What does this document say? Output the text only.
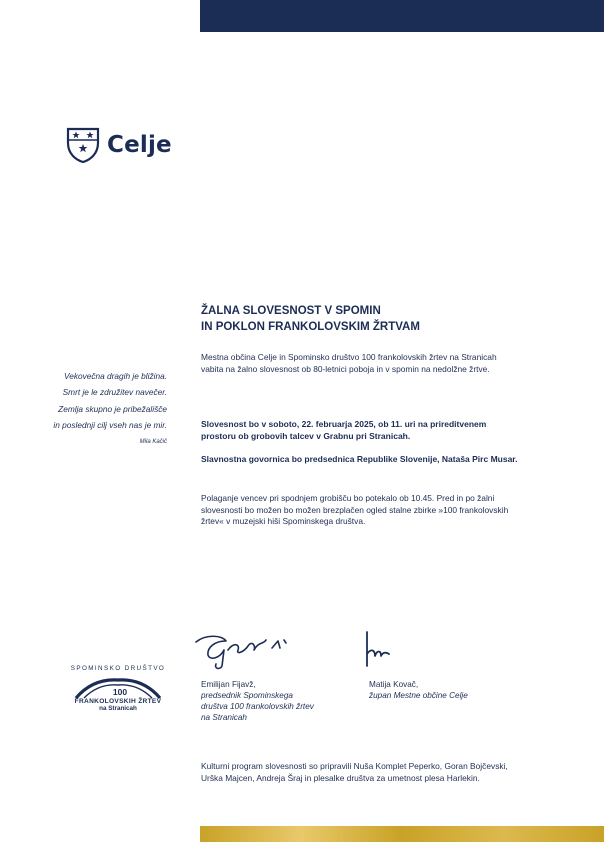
Celje
ŽALNA SLOVESNOST V SPOMIN
IN POKLON FRANKOLOVSKIM ŽRTVAM
Vekovečna dragih je bližina.
Smrt je le združitev navečer.
Zemlja skupno je pribežališče
in poslednji cilj vseh nas je mir.
Mila Kačič

Mestna občina Celje in Spominsko društvo 100 frankolovskih žrtev na Stranicah vabita na žalno slovesnost ob 80-letnici poboja in v spomin na nedolžne žrtve.

Slovesnost bo v soboto, 22. februarja 2025, ob 11. uri na prireditvenem prostoru ob grobovih talcev v Grabnu pri Stranicah.

Slavnostna govornica bo predsednica Republike Slovenije, Nataša Pirc Musar.

Polaganje vencev pri spodnjem grobišču bo potekalo ob 10.45. Pred in po žalni slovesnosti bo možen bo možen brezplačen ogled stalne zbirke »100 frankolovskih žrtev« v muzejski hiši Spominskega društva.

Emilijan Fijavž,
predsednik Spominskega
društva 100 frankolovskih žrtev
na Stranicah
Matija Kovač,
župan Mestne občine Celje
SPOMINSKO DRUŠTVO
100
FRANKOLOVSKIH ŽRTEV
na Stranicah

Kulturni program slovesnosti so pripravili Nuša Komplet Peperko, Goran Bojčevski, Urška Majcen, Andreja Šraj in plesalke društva za umetnost plesa Harlekin.
